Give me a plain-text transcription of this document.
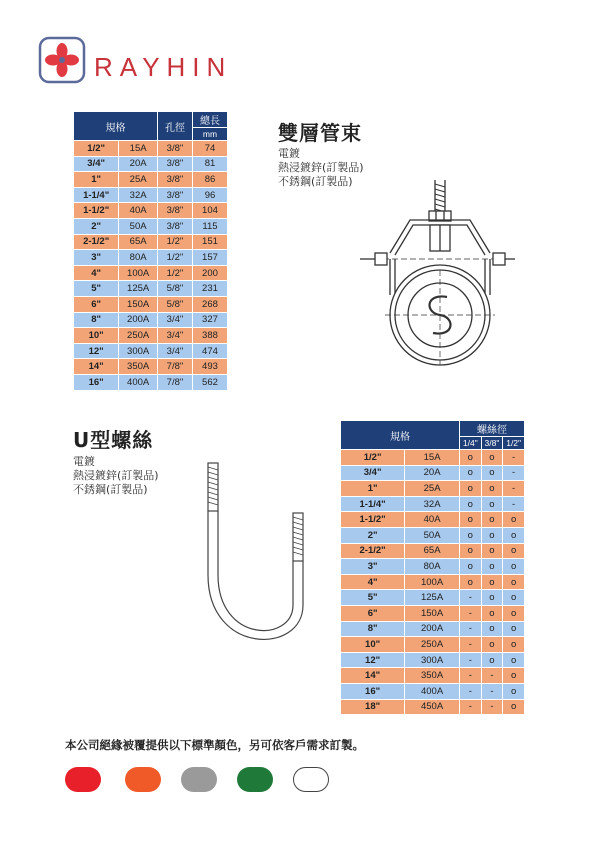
RAYHIN
規格		孔徑	總長
			mm
1/2"	15A	3/8"	74
3/4"	20A	3/8"	81
1"	25A	3/8"	86
1-1/4"	32A	3/8"	96
1-1/2"	40A	3/8"	104
2"	50A	3/8"	115
2-1/2"	65A	1/2"	151
3"	80A	1/2"	157
4"	100A	1/2"	200
5"	125A	5/8"	231
6"	150A	5/8"	268
8"	200A	3/4"	327
10"	250A	3/4"	388
12"	300A	3/4"	474
14"	350A	7/8"	493
16"	400A	7/8"	562
雙層管束
電鍍
熱浸鍍鋅(訂製品)
不銹鋼(訂製品)
U型螺絲
電鍍
熱浸鍍鋅(訂製品)
不銹鋼(訂製品)
規格		螺絲徑		
		1/4"	3/8"	1/2"
1/2"	15A	o	o	-
3/4"	20A	o	o	-
1"	25A	o	o	-
1-1/4"	32A	o	o	-
1-1/2"	40A	o	o	o
2"	50A	o	o	o
2-1/2"	65A	o	o	o
3"	80A	o	o	o
4"	100A	o	o	o
5"	125A	-	o	o
6"	150A	-	o	o
8"	200A	-	o	o
10"	250A	-	o	o
12"	300A	-	o	o
14"	350A	-	-	o
16"	400A	-	-	o
18"	450A	-	-	o
本公司絕緣被覆提供以下標準顏色，另可依客戶需求訂製。
